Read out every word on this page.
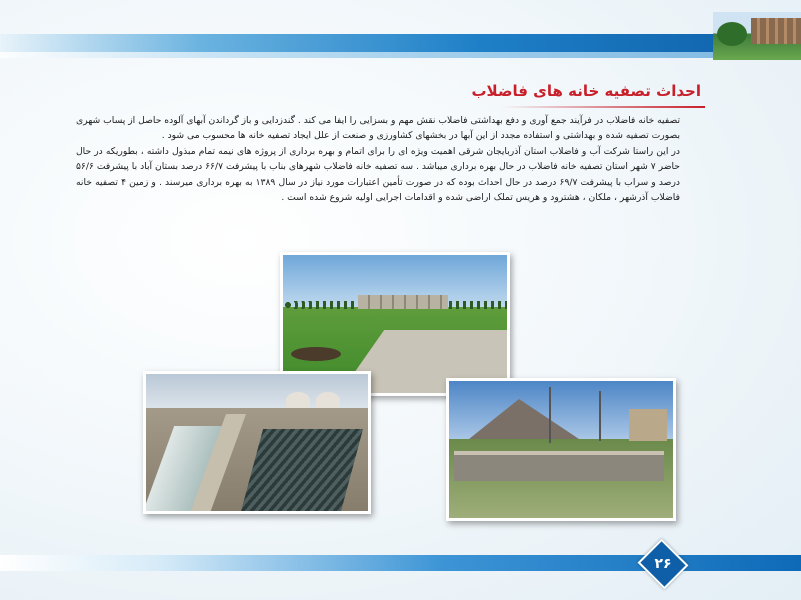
احداث تصفیه خانه های فاضلاب

تصفیه خانه فاضلاب در فرآیند جمع آوری و دفع بهداشتی فاضلاب نقش مهم و بسزایی را ایفا می کند . گندزدایی و باز گرداندن آبهای آلوده حاصل از پساب شهری بصورت تصفیه شده و بهداشتی و استفاده مجدد از این آبها در بخشهای کشاورزی و صنعت از علل ایجاد تصفیه خانه ها محسوب می شود .

در این راستا شرکت آب و فاضلاب استان آذربایجان شرقی اهمیت ویژه ای را برای اتمام و بهره برداری از پروژه های نیمه تمام مبذول داشته ، بطوریکه در حال حاضر ۷ شهر استان تصفیه خانه فاضلاب در حال بهره برداری میباشد . سه تصفیه خانه فاضلاب شهرهای بناب با پیشرفت ۶۶/۷ درصد بستان آباد با پیشرفت ۵۶/۶ درصد و سراب با پیشرفت ۶۹/۷ درصد در حال احداث بوده که در صورت تأمین اعتبارات مورد نیاز در سال ۱۳۸۹ به بهره برداری میرسند . و زمین ۴ تصفیه خانه فاضلاب آذرشهر ، ملکان ، هشترود و هریس تملک اراضی شده و اقدامات اجرایی اولیه شروع شده است .

۲۶
